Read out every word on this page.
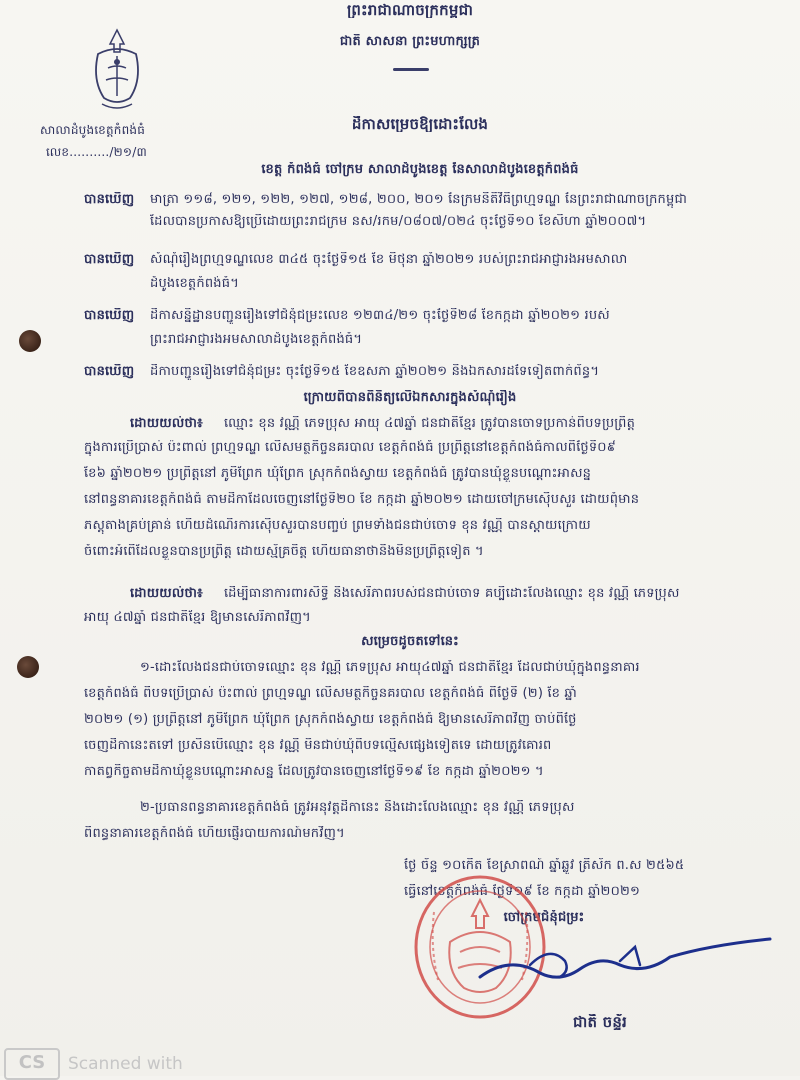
ព្រះរាជាណាចក្រកម្ពុជា
ជាតិ សាសនា ព្រះមហាក្សត្រ
សាលាដំបូងខេត្តកំពង់ធំ
លេខ........../២១/៣
ដីកាសម្រេចឱ្យដោះលែង
ខេត្ត កំពង់ធំ ចៅក្រម សាលាដំបូងខេត្ត នៃសាលាដំបូងខេត្តកំពង់ធំ
បានឃើញ	មាត្រា ១១៨, ១២១, ១២២, ១២៧, ១២៨, ២០០, ២០១ នៃក្រមនីតិវិធីព្រហ្មទណ្ឌ នៃព្រះរាជាណាចក្រកម្ពុជា
ដែលបានប្រកាសឱ្យប្រើដោយព្រះរាជក្រម នស/រកម/០៨០៧/០២៤ ចុះថ្ងៃទី១០ ខែសីហា ឆ្នាំ២០០៧។
បានឃើញ	សំណុំរឿងព្រហ្មទណ្ឌលេខ ៣៤៥ ចុះថ្ងៃទី១៥ ខែ មិថុនា ឆ្នាំ២០២១ របស់ព្រះរាជអាជ្ញារងអមសាលា
ដំបូងខេត្តកំពង់ធំ។
បានឃើញ	ដីកាសន្និដ្ឋានបញ្ជូនរឿងទៅជំនុំជម្រះលេខ ១២៣៤/២១ ចុះថ្ងៃទី២៨ ខែកក្កដា ឆ្នាំ២០២១ របស់
ព្រះរាជអាជ្ញារងអមសាលាដំបូងខេត្តកំពង់ធំ។
បានឃើញ	ដីកាបញ្ជូនរឿងទៅជំនុំជម្រះ ចុះថ្ងៃទី១៥ ខែឧសភា ឆ្នាំ២០២១ និងឯកសារដទៃទៀតពាក់ព័ន្ធ។
ក្រោយពីបានពិនិត្យលើឯកសារក្នុងសំណុំរឿង
ដោយយល់ថា៖	ឈ្មោះ ខុន វណ្ណី ភេទប្រុស អាយុ ៤៧ឆ្នាំ ជនជាតិខ្មែរ ត្រូវបានចោទប្រកាន់ពីបទប្រព្រឹត្ត
ក្នុងការប្រើប្រាស់ ប៉ះពាល់ ព្រហ្មទណ្ឌ លើសមត្ថកិច្ចនគរបាល ខេត្តកំពង់ធំ ប្រព្រឹត្តនៅខេត្តកំពង់ធំកាលពីថ្ងៃទី០៩
ខែ៦ ឆ្នាំ២០២១ ប្រព្រឹត្តនៅ ភូមិព្រែក ឃុំព្រែក ស្រុកកំពង់ស្វាយ ខេត្តកំពង់ធំ ត្រូវបានឃុំខ្លួនបណ្តោះអាសន្ន
នៅពន្ធនាគារខេត្តកំពង់ធំ តាមដីកាដែលចេញនៅថ្ងៃទី២០ ខែ កក្កដា ឆ្នាំ២០២១ ដោយចៅក្រមស៊ើបសួរ ដោយពុំមាន
ភស្តុតាងគ្រប់គ្រាន់ ហើយដំណើរការស៊ើបសួរបានបញ្ចប់ ព្រមទាំងជនជាប់ចោទ ខុន វណ្ណី បានស្ដាយក្រោយ
ចំពោះអំពើដែលខ្លួនបានប្រព្រឹត្ត ដោយស្ម័គ្រចិត្ត ហើយធានាថានឹងមិនប្រព្រឹត្តទៀត ។
ដោយយល់ថា៖	ដើម្បីធានាការពារសិទ្ធិ និងសេរីភាពរបស់ជនជាប់ចោទ គប្បីដោះលែងឈ្មោះ ខុន វណ្ណី ភេទប្រុស
អាយុ ៤៧ឆ្នាំ ជនជាតិខ្មែរ ឱ្យមានសេរីភាពវិញ។
សម្រេចដូចតទៅនេះ
១-ដោះលែងជនជាប់ចោទឈ្មោះ ខុន វណ្ណី ភេទប្រុស អាយុ៤៧ឆ្នាំ ជនជាតិខ្មែរ ដែលជាប់ឃុំក្នុងពន្ធនាគារ
ខេត្តកំពង់ធំ ពីបទប្រើប្រាស់ ប៉ះពាល់ ព្រហ្មទណ្ឌ លើសមត្ថកិច្ចនគរបាល ខេត្តកំពង់ធំ ពីថ្ងៃទី (២) ខែ ឆ្នាំ
២០២១ (១) ប្រព្រឹត្តនៅ ភូមិព្រែក ឃុំព្រែក ស្រុកកំពង់ស្វាយ ខេត្តកំពង់ធំ ឱ្យមានសេរីភាពវិញ ចាប់ពីថ្ងៃ
ចេញដីកានេះតទៅ ប្រសិនបើឈ្មោះ ខុន វណ្ណី មិនជាប់ឃុំពីបទល្មើសផ្សេងទៀតទេ ដោយត្រូវគោរព
កាតព្វកិច្ចតាមដីកាឃុំខ្លួនបណ្ដោះអាសន្ន ដែលត្រូវបានចេញនៅថ្ងៃទី១៩ ខែ កក្កដា ឆ្នាំ២០២១ ។
២-ប្រធានពន្ធនាគារខេត្តកំពង់ធំ ត្រូវអនុវត្តដីកានេះ និងដោះលែងឈ្មោះ ខុន វណ្ណី ភេទប្រុស
ពីពន្ធនាគារខេត្តកំពង់ធំ ហើយផ្ញើរបាយការណ៍មកវិញ។
ថ្ងៃ ច័ន្ទ ១០កើត ខែស្រាពណ៍ ឆ្នាំឆ្លូវ ត្រីស័ក ព.ស ២៥៦៥
ធ្វើនៅខេត្តកំពង់ធំ ថ្ងៃទី១៩ ខែ កក្កដា ឆ្នាំ២០២១
ចៅក្រមជំនុំជម្រះ
ជាតិ ចន្ទ័រ
CS	Scanned with
